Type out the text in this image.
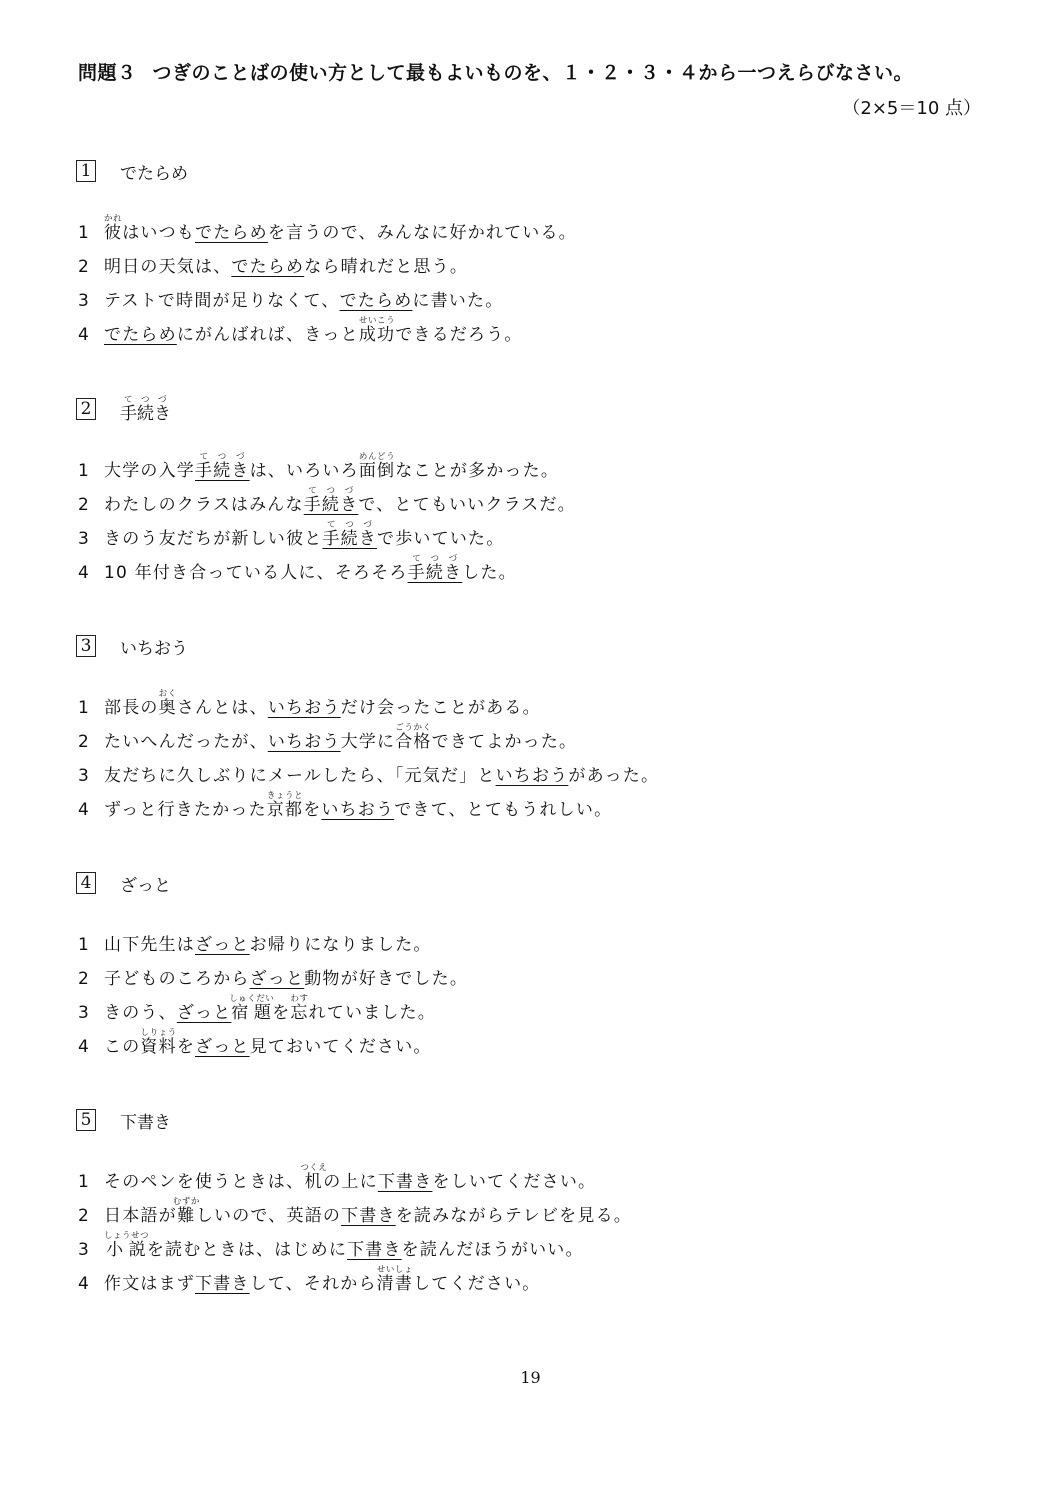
問題３ つぎのことばの使い方として最もよいものを、１・２・３・４から一つえらびなさい。
（2×5＝10 点）
1 でたらめ
1 彼かれはいつもでたらめを言うので、みんなに好かれている。
2 明日の天気は、でたらめなら晴れだと思う。
3 テストで時間が足りなくて、でたらめに書いた。
4 でたらめにがんばれば、きっと成功せいこうできるだろう。
2 手続きてつづ
1 大学の入学手続きてつづは、いろいろ面倒めんどうなことが多かった。
2 わたしのクラスはみんな手続きてつづで、とてもいいクラスだ。
3 きのう友だちが新しい彼と手続きてつづで歩いていた。
4 10 年付き合っている人に、そろそろ手続きてつづした。
3 いちおう
1 部長の奥おくさんとは、いちおうだけ会ったことがある。
2 たいへんだったが、いちおう大学に合格ごうかくできてよかった。
3 友だちに久しぶりにメールしたら、「元気だ」といちおうがあった。
4 ずっと行きたかった京都きょうとをいちおうできて、とてもうれしい。
4 ざっと
1 山下先生はざっとお帰りになりました。
2 子どものころからざっと動物が好きでした。
3 きのう、ざっと宿題しゅくだいを忘わすれていました。
4 この資料しりょうをざっと見ておいてください。
5 下書き
1 そのペンを使うときは、机つくえの上に下書きをしいてください。
2 日本語が難むずかしいので、英語の下書きを読みながらテレビを見る。
3 小説しょうせつを読むときは、はじめに下書きを読んだほうがいい。
4 作文はまず下書きして、それから清書せいしょしてください。
19
